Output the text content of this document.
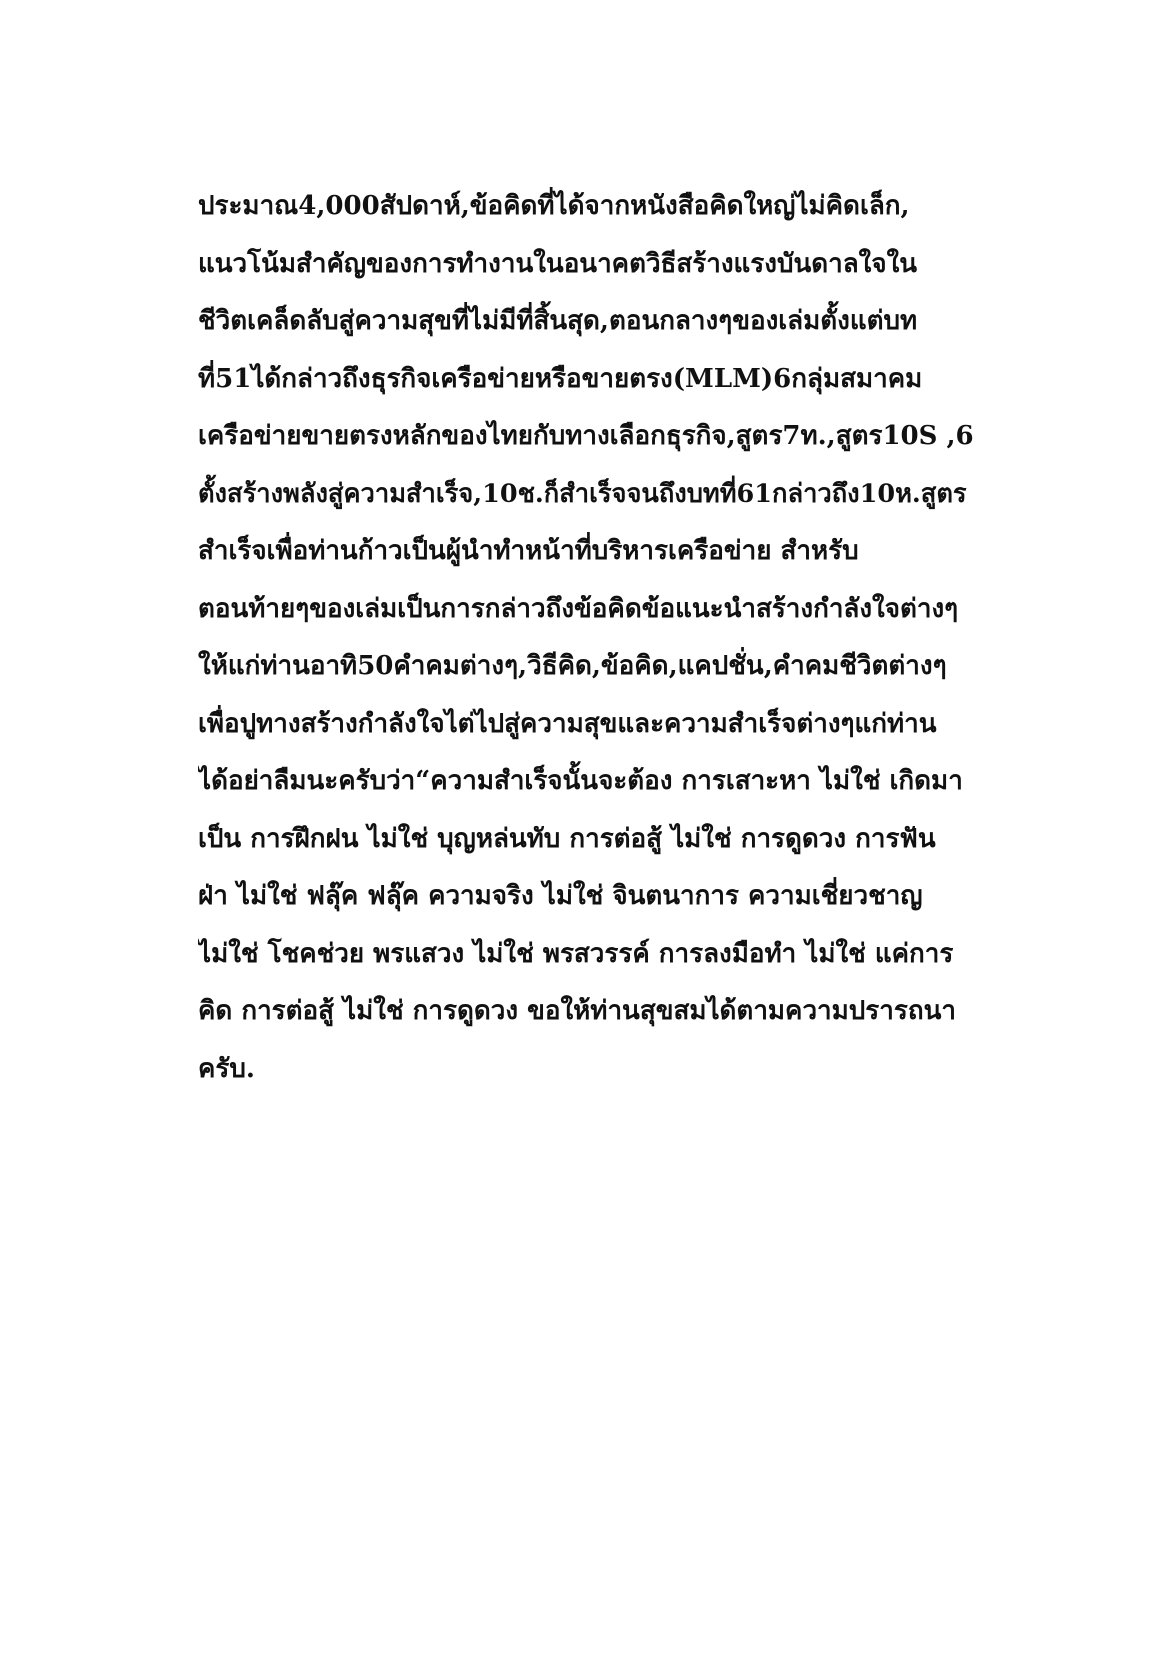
ประมาณ4,000สัปดาห์,ข้อคิดที่ได้จากหนังสือคิดใหญ่ไม่คิดเล็ก,
แนวโน้มสำคัญของการทำงานในอนาคตวิธีสร้างแรงบันดาลใจใน
ชีวิตเคล็ดลับสู่ความสุขที่ไม่มีที่สิ้นสุด,ตอนกลางๆของเล่มตั้งแต่บท
ที่51ได้กล่าวถึงธุรกิจเครือข่ายหรือขายตรง(MLM)6กลุ่มสมาคม
เครือข่ายขายตรงหลักของไทยกับทางเลือกธุรกิจ,สูตร7ท.,สูตร10S ,6
ตั้งสร้างพลังสู่ความสำเร็จ,10ช.ก็สำเร็จจนถึงบทที่61กล่าวถึง10ห.สูตร
สำเร็จเพื่อท่านก้าวเป็นผู้นำทำหน้าที่บริหารเครือข่าย สำหรับ
ตอนท้ายๆของเล่มเป็นการกล่าวถึงข้อคิดข้อแนะนำสร้างกำลังใจต่างๆ
ให้แก่ท่านอาทิ50คำคมต่างๆ,วิธีคิด,ข้อคิด,แคปชั่น,คำคมชีวิตต่างๆ
เพื่อปูทางสร้างกำลังใจไต่ไปสู่ความสุขและความสำเร็จต่างๆแก่ท่าน
ได้อย่าลืมนะครับว่า“ความสำเร็จนั้นจะต้อง การเสาะหา ไม่ใช่ เกิดมา
เป็น การฝึกฝน ไม่ใช่ บุญหล่นทับ การต่อสู้ ไม่ใช่ การดูดวง การฟัน
ฝ่า ไม่ใช่ ฟลุ๊ค ฟลุ๊ค ความจริง ไม่ใช่ จินตนาการ ความเชี่ยวชาญ
ไม่ใช่ โชคช่วย พรแสวง ไม่ใช่ พรสวรรค์ การลงมือทำ ไม่ใช่ แค่การ
คิด การต่อสู้ ไม่ใช่ การดูดวง ขอให้ท่านสุขสมได้ตามความปรารถนา
ครับ.
